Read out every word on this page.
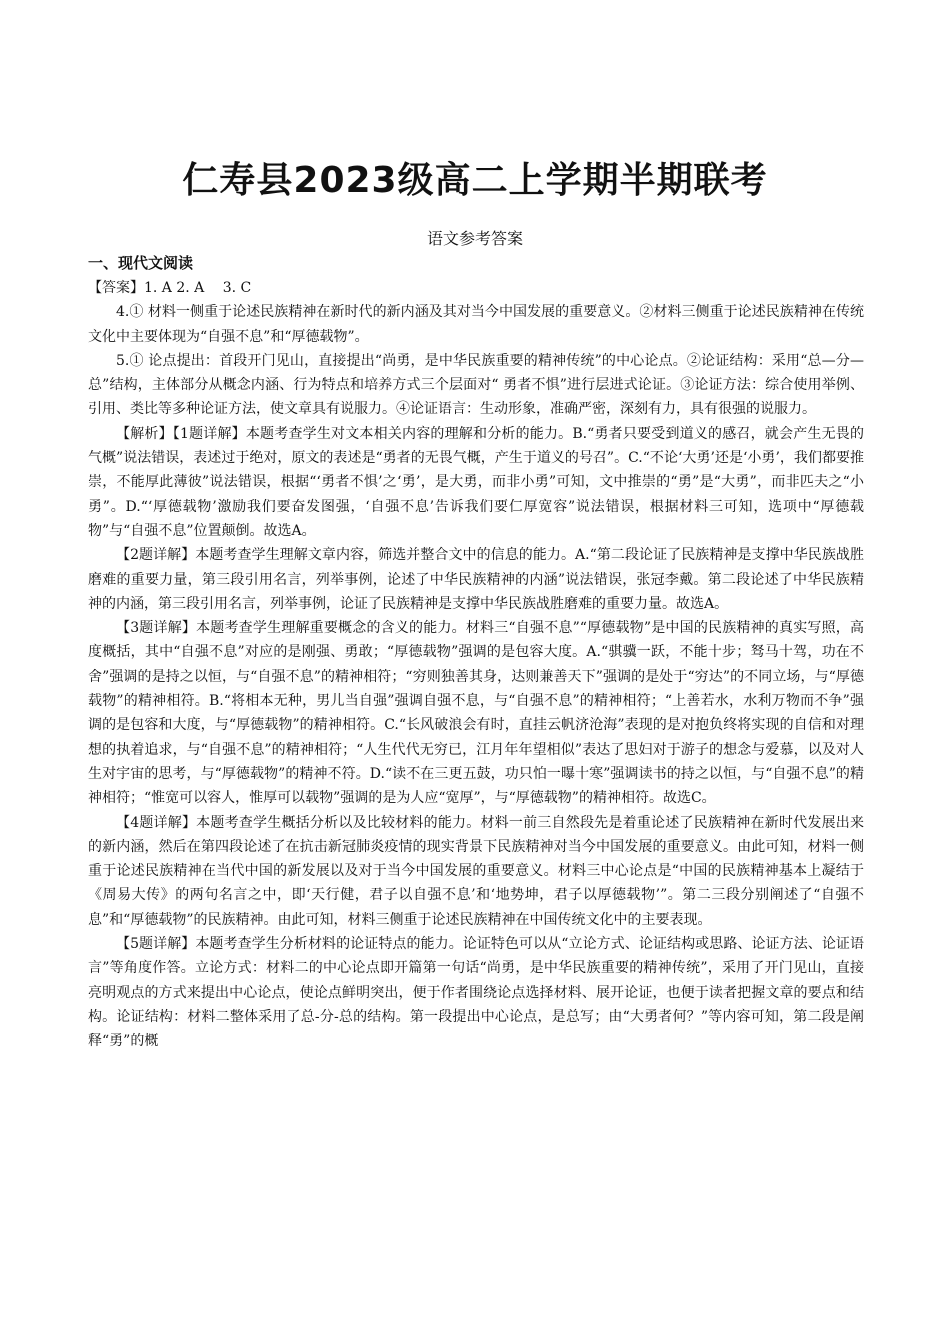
仁寿县2023级高二上学期半期联考
语文参考答案
一、现代文阅读

【答案】1. A 2. A　 3. C

4.① 材料一侧重于论述民族精神在新时代的新内涵及其对当今中国发展的重要意义。②材料三侧重于论述民族精神在传统文化中主要体现为“自强不息”和“厚德载物”。

5.① 论点提出：首段开门见山，直接提出“尚勇，是中华民族重要的精神传统”的中心论点。②论证结构：采用“总—分—总”结构，主体部分从概念内涵、行为特点和培养方式三个层面对“ 勇者不惧”进行层进式论证。③论证方法：综合使用举例、引用、类比等多种论证方法，使文章具有说服力。④论证语言：生动形象，准确严密，深刻有力，具有很强的说服力。

【解析】【1题详解】本题考查学生对文本相关内容的理解和分析的能力。B.“勇者只要受到道义的感召，就会产生无畏的气概”说法错误，表述过于绝对，原文的表述是“勇者的无畏气概，产生于道义的号召”。C.“不论‘大勇’还是‘小勇’，我们都要推崇，不能厚此薄彼”说法错误，根据“‘勇者不惧’之‘勇’，是大勇，而非小勇”可知，文中推崇的“勇”是“大勇”，而非匹夫之“小勇”。D.“‘厚德载物’激励我们要奋发图强，‘自强不息’告诉我们要仁厚宽容”说法错误，根据材料三可知，选项中“厚德载物”与“自强不息”位置颠倒。故选A。

【2题详解】本题考查学生理解文章内容，筛选并整合文中的信息的能力。A.“第二段论证了民族精神是支撑中华民族战胜磨难的重要力量，第三段引用名言，列举事例，论述了中华民族精神的内涵”说法错误，张冠李戴。第二段论述了中华民族精神的内涵，第三段引用名言，列举事例，论证了民族精神是支撑中华民族战胜磨难的重要力量。故选A。

【3题详解】本题考查学生理解重要概念的含义的能力。材料三“自强不息”“厚德载物”是中国的民族精神的真实写照，高度概括，其中“自强不息”对应的是刚强、勇敢；“厚德载物”强调的是包容大度。A.“骐骥一跃，不能十步；驽马十驾，功在不舍”强调的是持之以恒，与“自强不息”的精神相符；“穷则独善其身，达则兼善天下”强调的是处于“穷达”的不同立场，与“厚德载物”的精神相符。B.“将相本无种，男儿当自强”强调自强不息，与“自强不息”的精神相符；“上善若水，水利万物而不争”强调的是包容和大度，与“厚德载物”的精神相符。C.“长风破浪会有时，直挂云帆济沧海”表现的是对抱负终将实现的自信和对理想的执着追求，与“自强不息”的精神相符；“人生代代无穷已，江月年年望相似”表达了思妇对于游子的想念与爱慕，以及对人生对宇宙的思考，与“厚德载物”的精神不符。D.“读不在三更五鼓，功只怕一曝十寒”强调读书的持之以恒，与“自强不息”的精神相符；“惟宽可以容人，惟厚可以载物”强调的是为人应“宽厚”，与“厚德载物”的精神相符。故选C。

【4题详解】本题考查学生概括分析以及比较材料的能力。材料一前三自然段先是着重论述了民族精神在新时代发展出来的新内涵，然后在第四段论述了在抗击新冠肺炎疫情的现实背景下民族精神对当今中国发展的重要意义。由此可知，材料一侧重于论述民族精神在当代中国的新发展以及对于当今中国发展的重要意义。材料三中心论点是“中国的民族精神基本上凝结于《周易大传》的两句名言之中，即‘天行健，君子以自强不息’和‘地势坤，君子以厚德载物’”。第二三段分别阐述了“自强不息”和“厚德载物”的民族精神。由此可知，材料三侧重于论述民族精神在中国传统文化中的主要表现。

【5题详解】本题考查学生分析材料的论证特点的能力。论证特色可以从“立论方式、论证结构或思路、论证方法、论证语言”等角度作答。立论方式：材料二的中心论点即开篇第一句话“尚勇，是中华民族重要的精神传统”，采用了开门见山，直接亮明观点的方式来提出中心论点，使论点鲜明突出，便于作者围绕论点选择材料、展开论证，也便于读者把握文章的要点和结构。论证结构：材料二整体采用了总-分-总的结构。第一段提出中心论点，是总写；由“大勇者何？”等内容可知，第二段是阐释“勇”的概
